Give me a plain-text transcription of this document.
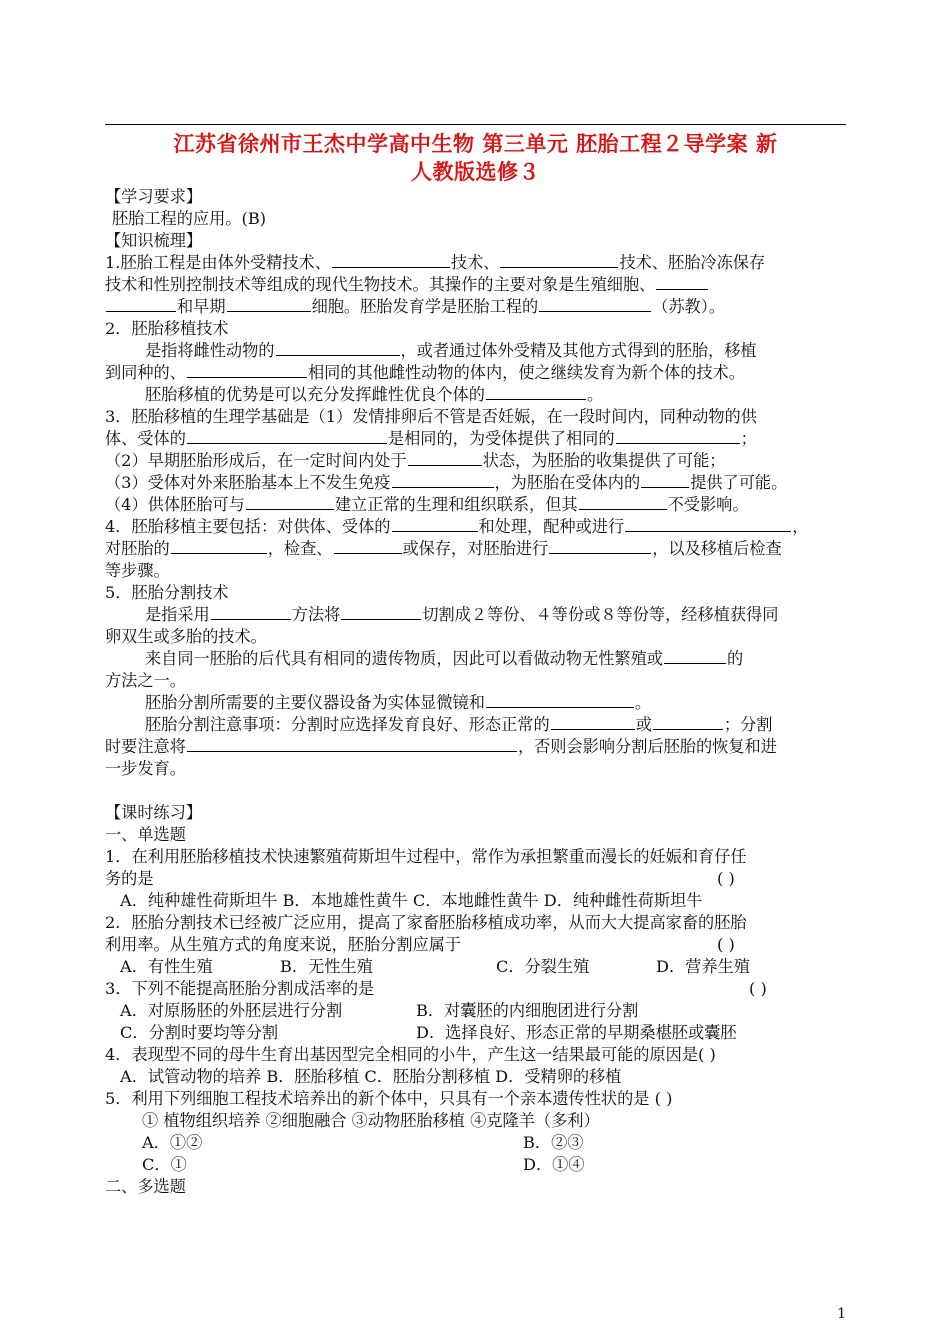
江苏省徐州市王杰中学高中生物 第三单元 胚胎工程２导学案 新
人教版选修３
【学习要求】
胚胎工程的应用。(B)
【知识梳理】
1.胚胎工程是由体外受精技术、	技术、	技术、胚胎冷冻保存
技术和性别控制技术等组成的现代生物技术。其操作的主要对象是生殖细胞、
和早期	细胞。胚胎发育学是胚胎工程的	（苏教）。
2．胚胎移植技术
是指将雌性动物的	，或者通过体外受精及其他方式得到的胚胎，移植
到同种的、	相同的其他雌性动物的体内，使之继续发育为新个体的技术。
胚胎移植的优势是可以充分发挥雌性优良个体的	。
3．胚胎移植的生理学基础是（1）发情排卵后不管是否妊娠，在一段时间内，同种动物的供
体、受体的	是相同的，为受体提供了相同的	；
（2）早期胚胎形成后，在一定时间内处于	状态，为胚胎的收集提供了可能；
（3）受体对外来胚胎基本上不发生免疫	，为胚胎在受体内的	提供了可能。
（4）供体胚胎可与	建立正常的生理和组织联系，但其	不受影响。
4．胚胎移植主要包括：对供体、受体的	和处理，配种或进行	，
对胚胎的	，检查、	或保存，对胚胎进行	，以及移植后检查
等步骤。
5．胚胎分割技术
是指采用	方法将	切割成２等份、４等份或８等份等，经移植获得同
卵双生或多胎的技术。
来自同一胚胎的后代具有相同的遗传物质，因此可以看做动物无性繁殖或	的
方法之一。
胚胎分割所需要的主要仪器设备为实体显微镜和	。
胚胎分割注意事项：分割时应选择发育良好、形态正常的	或	；分割
时要注意将	，否则会影响分割后胚胎的恢复和进
一步发育。
【课时练习】
一、单选题
1．在利用胚胎移植技术快速繁殖荷斯坦牛过程中，常作为承担繁重而漫长的妊娠和育仔任
务的是	( )
A．纯种雄性荷斯坦牛 B．本地雄性黄牛 C．本地雌性黄牛 D．纯种雌性荷斯坦牛
2．胚胎分割技术已经被广泛应用，提高了家畜胚胎移植成功率，从而大大提高家畜的胚胎
利用率。从生殖方式的角度来说，胚胎分割应属于	( )
A．有性生殖	B．无性生殖	C．分裂生殖	D．营养生殖
3．下列不能提高胚胎分割成活率的是	( )
A．对原肠胚的外胚层进行分割	B．对囊胚的内细胞团进行分割
C．分割时要均等分割	D．选择良好、形态正常的早期桑椹胚或囊胚
4．表现型不同的母牛生育出基因型完全相同的小牛，产生这一结果最可能的原因是( )
A．试管动物的培养 B．胚胎移植 C．胚胎分割移植 D．受精卵的移植
5．利用下列细胞工程技术培养出的新个体中，只具有一个亲本遗传性状的是 ( )
① 植物组织培养 ②细胞融合 ③动物胚胎移植 ④克隆羊（多利）
A．①②	B．②③
C．①	D．①④
二、多选题
1
